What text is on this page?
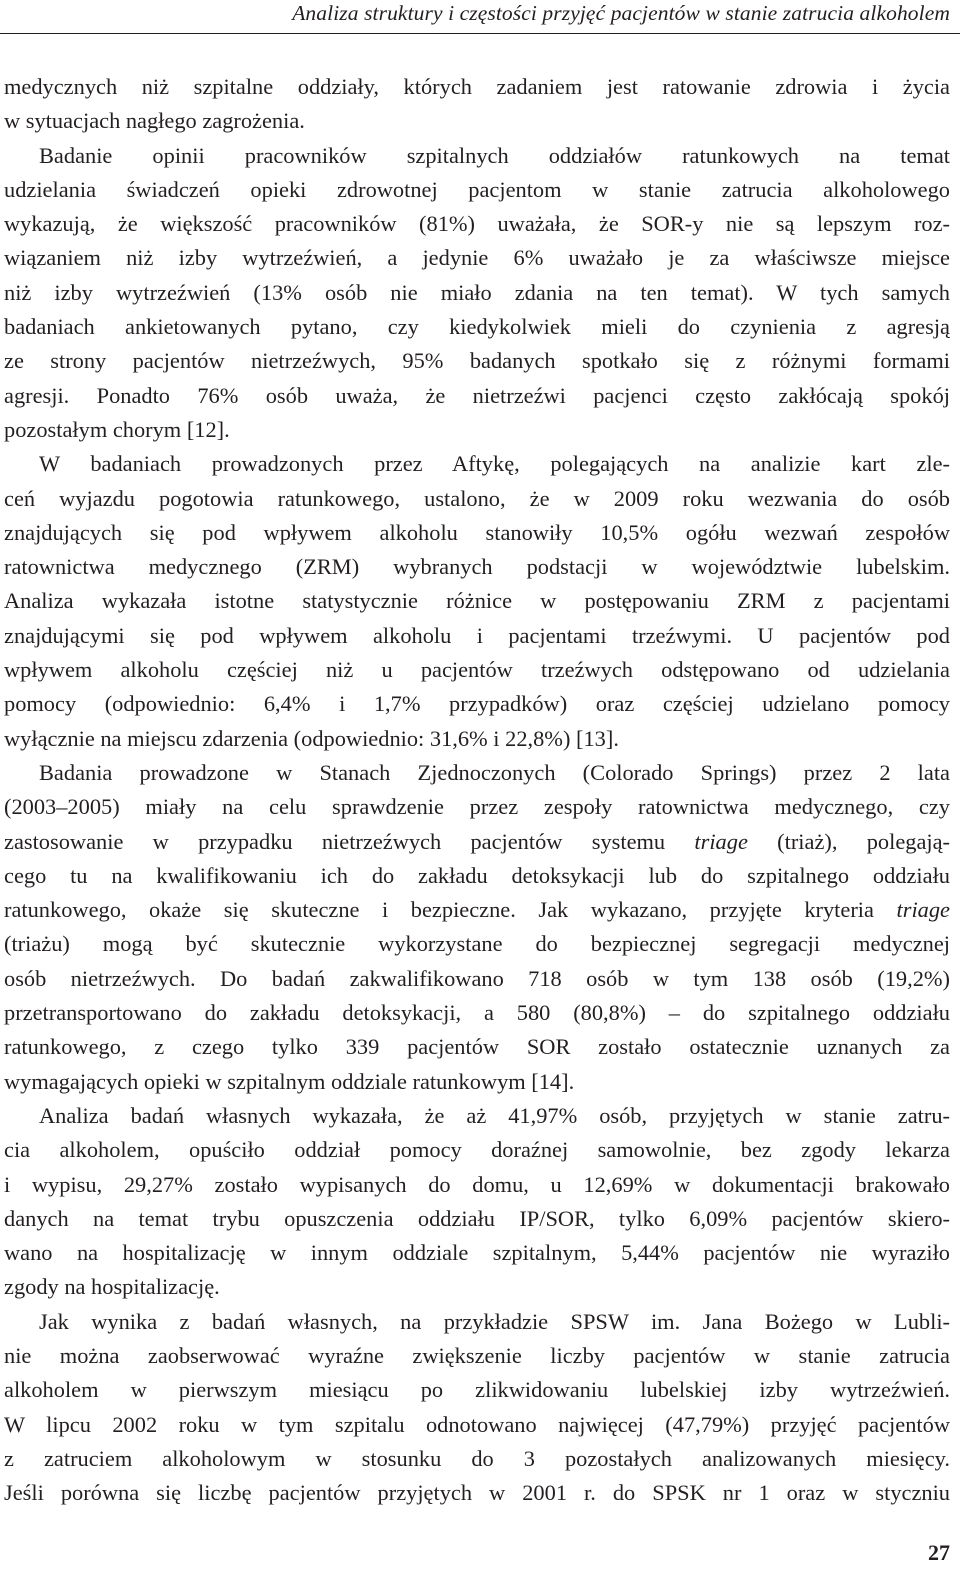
Analiza struktury i częstości przyjęć pacjentów w stanie zatrucia alkoholem
medycznych niż szpitalne oddziały, których zadaniem jest ratowanie zdrowia i życia
w sytuacjach nagłego zagrożenia.
Badanie opinii pracowników szpitalnych oddziałów ratunkowych na temat
udzielania świadczeń opieki zdrowotnej pacjentom w stanie zatrucia alkoholowego
wykazują, że większość pracowników (81%) uważała, że SOR-y nie są lepszym roz-
wiązaniem niż izby wytrzeźwień, a jedynie 6% uważało je za właściwsze miejsce
niż izby wytrzeźwień (13% osób nie miało zdania na ten temat). W tych samych
badaniach ankietowanych pytano, czy kiedykolwiek mieli do czynienia z agresją
ze strony pacjentów nietrzeźwych, 95% badanych spotkało się z różnymi formami
agresji. Ponadto 76% osób uważa, że nietrzeźwi pacjenci często zakłócają spokój
pozostałym chorym [12].
W badaniach prowadzonych przez Aftykę, polegających na analizie kart zle-
ceń wyjazdu pogotowia ratunkowego, ustalono, że w 2009 roku wezwania do osób
znajdujących się pod wpływem alkoholu stanowiły 10,5% ogółu wezwań zespołów
ratownictwa medycznego (ZRM) wybranych podstacji w województwie lubelskim.
Analiza wykazała istotne statystycznie różnice w postępowaniu ZRM z pacjentami
znajdującymi się pod wpływem alkoholu i pacjentami trzeźwymi. U pacjentów pod
wpływem alkoholu częściej niż u pacjentów trzeźwych odstępowano od udzielania
pomocy (odpowiednio: 6,4% i 1,7% przypadków) oraz częściej udzielano pomocy
wyłącznie na miejscu zdarzenia (odpowiednio: 31,6% i 22,8%) [13].
Badania prowadzone w Stanach Zjednoczonych (Colorado Springs) przez 2 lata
(2003–2005) miały na celu sprawdzenie przez zespoły ratownictwa medycznego, czy
zastosowanie w przypadku nietrzeźwych pacjentów systemu triage (triaż), polegają-
cego tu na kwalifikowaniu ich do zakładu detoksykacji lub do szpitalnego oddziału
ratunkowego, okaże się skuteczne i bezpieczne. Jak wykazano, przyjęte kryteria triage
(triażu) mogą być skutecznie wykorzystane do bezpiecznej segregacji medycznej
osób nietrzeźwych. Do badań zakwalifikowano 718 osób w tym 138 osób (19,2%)
przetransportowano do zakładu detoksykacji, a 580 (80,8%) – do szpitalnego oddziału
ratunkowego, z czego tylko 339 pacjentów SOR zostało ostatecznie uznanych za
wymagających opieki w szpitalnym oddziale ratunkowym [14].
Analiza badań własnych wykazała, że aż 41,97% osób, przyjętych w stanie zatru-
cia alkoholem, opuściło oddział pomocy doraźnej samowolnie, bez zgody lekarza
i wypisu, 29,27% zostało wypisanych do domu, u 12,69% w dokumentacji brakowało
danych na temat trybu opuszczenia oddziału IP/SOR, tylko 6,09% pacjentów skiero-
wano na hospitalizację w innym oddziale szpitalnym, 5,44% pacjentów nie wyraziło
zgody na hospitalizację.
Jak wynika z badań własnych, na przykładzie SPSW im. Jana Bożego w Lubli-
nie można zaobserwować wyraźne zwiększenie liczby pacjentów w stanie zatrucia
alkoholem w pierwszym miesiącu po zlikwidowaniu lubelskiej izby wytrzeźwień.
W lipcu 2002 roku w tym szpitalu odnotowano najwięcej (47,79%) przyjęć pacjentów
z zatruciem alkoholowym w stosunku do 3 pozostałych analizowanych miesięcy.
Jeśli porówna się liczbę pacjentów przyjętych w 2001 r. do SPSK nr 1 oraz w styczniu
27
